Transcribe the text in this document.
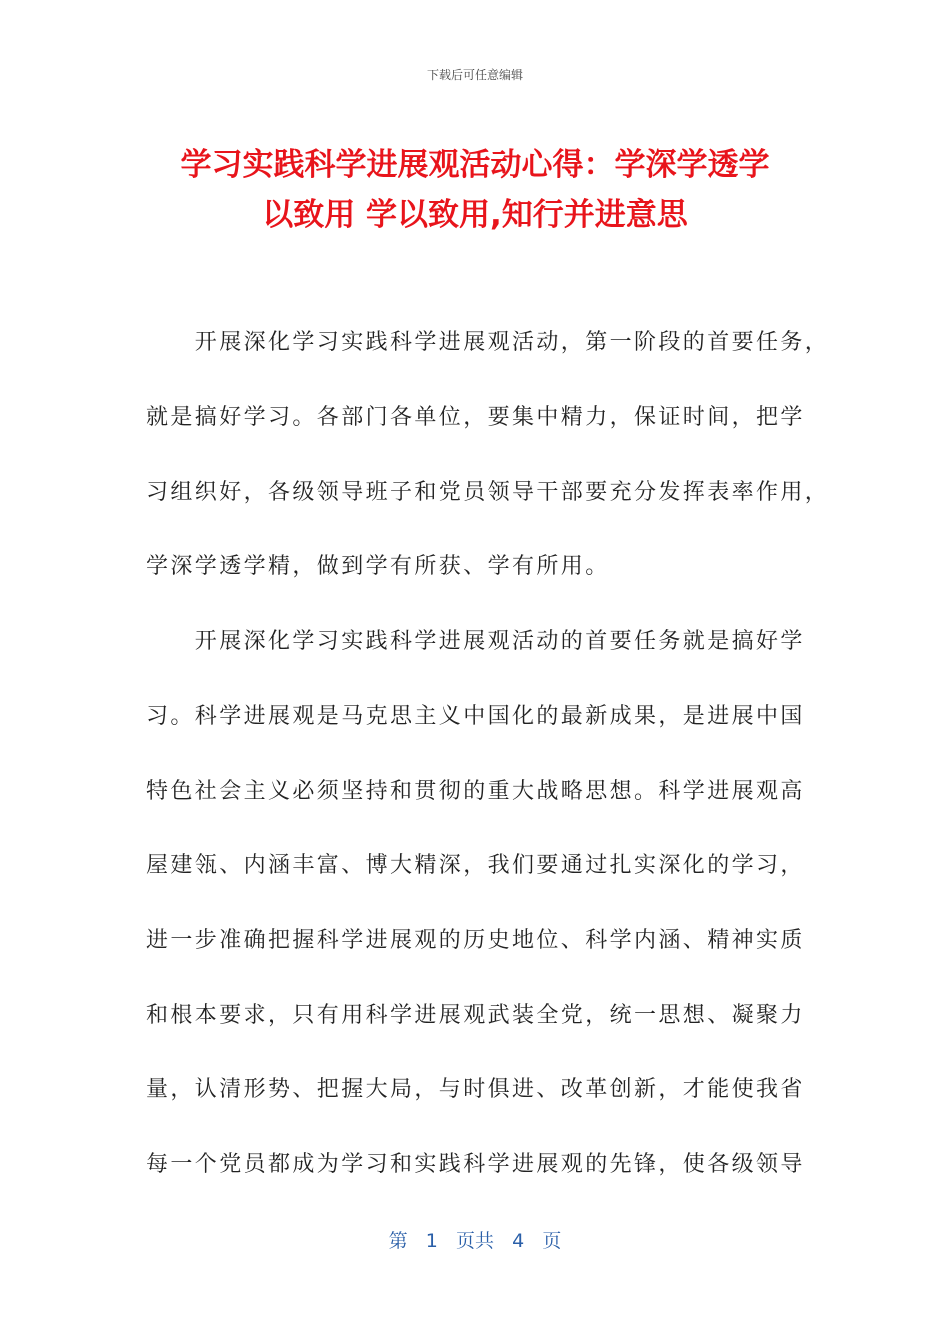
下载后可任意编辑
学习实践科学进展观活动心得：学深学透学
以致用 学以致用,知行并进意思
　　开展深化学习实践科学进展观活动，第一阶段的首要任务，
就是搞好学习。各部门各单位，要集中精力，保证时间，把学
习组织好，各级领导班子和党员领导干部要充分发挥表率作用，
学深学透学精，做到学有所获、学有所用。
　　开展深化学习实践科学进展观活动的首要任务就是搞好学
习。科学进展观是马克思主义中国化的最新成果，是进展中国
特色社会主义必须坚持和贯彻的重大战略思想。科学进展观高
屋建瓴、内涵丰富、博大精深，我们要通过扎实深化的学习，
进一步准确把握科学进展观的历史地位、科学内涵、精神实质
和根本要求，只有用科学进展观武装全党，统一思想、凝聚力
量，认清形势、把握大局，与时俱进、改革创新，才能使我省
每一个党员都成为学习和实践科学进展观的先锋，使各级领导
第 1 页共 4 页
